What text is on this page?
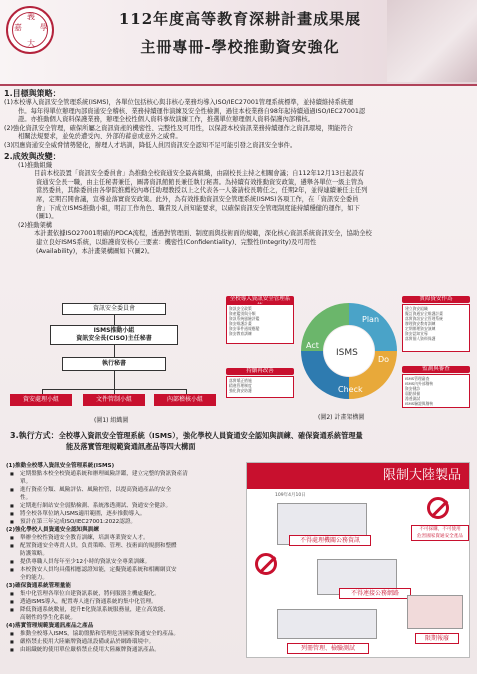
嘉
義
大
學	112年度高等教育深耕計畫成果展
主冊專冊-學校推動資安強化
1.目標與策略：
(1)本校導入資訊安全管理系統(ISMS)，各單位包括核心與非核心業務均導入ISO/IEC27001管理系統標準，並持續維持系統運
作。每年得單位辦理內部資通安全稽核、業務持續運作演練及安全性檢測，過往本校業務自98年起持續通過ISO/IEC27001認
證。亦推動個人資料保護業務，辦理全校性個人資料事故演練工作，推選單位辦理個人資料保護內部稽核。
(2)強化資訊安全管理，確保所屬之資訊資產的機密性、完整性及可用性，以保證本校資訊業務持續運作之資訊環境，期能符合
相關法規要求，並免於遭受內、外部的蓄意或意外之威脅。
(3)因應資通安全威脅情勢變化，辦理人才培訓，降低人員因資訊安全認知不足可能引發之資訊安全事件。
2.成效與改變：
(1)推動組織
目前本校設置「資訊安全委員會」為推動全校資通安全最高組織，由副校長主持之相關會議；自112年12月13日起設有
資通安全長一職，由主任秘書兼任，圖書資訊館館長兼任執行秘書。為持續有效推動資安政策，遴舉各單位一級主管為
當然委員，其餘委員由各學院推薦校內專任助理教授以上之代表各一人簽請校長聘任之，任期2年，並得連續兼任主任列
席，定期召開會議，宣導並落實資安政策。此外，為有效推動資訊安全管理系統(ISMS)各項工作，在「資訊安全委員
會」下成立ISMS推動小組，明訂工作角色、職責及人員知能要求，以確保資訊安全管理制度能持續穩健的運作，如下
(圖1)。
(2)推動架構
本計畫依據ISO27001明確的PDCA流程，透過對管理面、制度面與技術面的規範，深化核心資訊系統資訊安全，協助全校
建立良好ISMS系統，以維護資安核心三要素：機密性(Confidentiality)、完整性(Integrity)及可用性
(Availability)，本計畫架構圖如下(圖2)。
資訊安全委員會
ISMS推動小組
資訊安全長(CISO)主任秘書
執行秘書
資安處理小組	文件管制小組	內部稽核小組
(圖1) 組織圖
全校導入資訊安全管理系
資訊安全政策
資產鑑別與分類
資訊系統風險評鑑
資安維護計畫
資安事件通報應變
資安教育訓練
實際資安作為
建立資安組織
擬訂資通安全維護計畫
落實資訊安全管理系統
辦理資安教育訓練
定期辦理資安演練
資安認知宣導
落實個人資料保護
持續再改善
落實矯正措施
精進管理制度
強化資安防護
監測與審查
ISMS管理審查
ISMS內外部稽核
資安健診
弱點掃描
滲透測試
ISMS驗證與稽核
Plan
Do
Check
Act
ISMS
(圖2) 計畫架構圖
3.執行方式：全校導入資訊安全管理系統（ISMS），強化學校人員資通安全認知與訓練、確保資通系統管理量
能及落實管理規範資通訊產品等四大構面
(1)推動全校導入資訊安全管理系統(ISMS)
■ 定期盤點本校全校資通系統和辦理風險評鑑，建立完整的資訊資產清
單。
■ 進行資產分類、風險評估、風險控管，以提高資通產品的安全
性。
■ 定期進行網站安全弱點檢測、系統滲透測試、資通安全健診。
■ 將全校各單位納入ISMS適用範圍，逐步推動導入。
■ 預計在第三年完成ISO/IEC27001:2022認證。
(2)強化學校人員資通安全認知與訓練
■ 舉辦全校性資通安全教育訓練，培訓專業資安人才。
■ 配置資通安全專責人員，負責策略、管理、技術面的規劃和整體
防護策略。
■ 提供專職人員每年至少12小時的資訊安全專業訓練。
■ 本校資安人員均具備相應認證知能，定擬資通系統和相關網頁安
全的能力。
(3)確保資通系統管理量能
■ 集中化管理各單位自建資訊系統，將伺服器主機虛擬化。
■ 透過ISMS導入，配置專人進行資通系統的集中化管理。
■ 降低資通系統數量，提升E化資訊系統服務量，建立高效能、
高韌性的學生化系統。
(4)落實管理規範資通訊產品之產品
■ 推動全校導入ISMS，協助盤點和管理危害國家資通安全的產品。
■ 嚴格禁止使用大陸廠牌資通訊設備或品於網路環境中。
■ 由組織統的使用單位嚴格禁止使用大陸廠牌資通訊產品。
限制大陸製品
109年4月10日
不得處理機關公務資訊
不得連接公務網路
不可採購，不可使用
危害國家資通安全產品
限期報廢
列冊管理、檢驗測試
